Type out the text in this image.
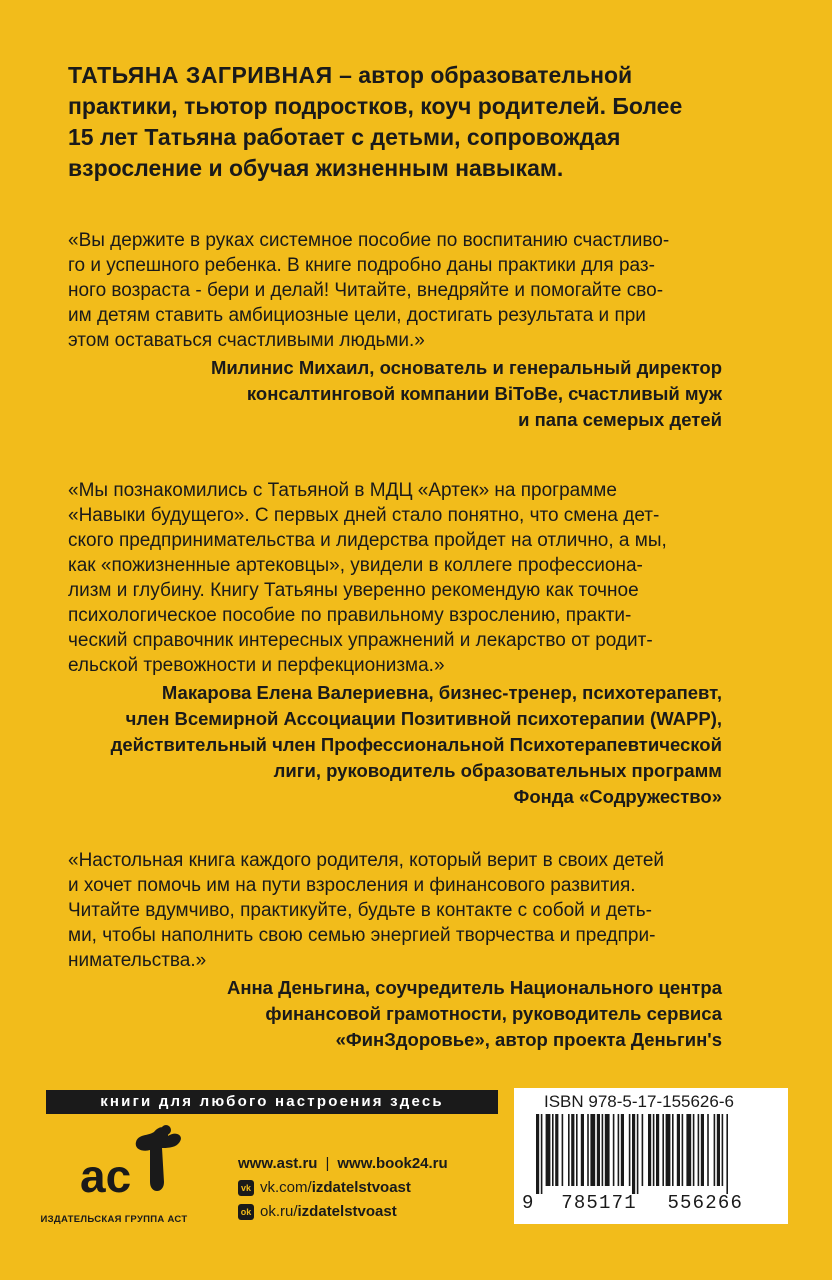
ТАТЬЯНА ЗАГРИВНАЯ – автор образовательной
практики, тьютор подростков, коуч родителей. Более
15 лет Татьяна работает с детьми, сопровождая
взросление и обучая жизненным навыкам.

«Вы держите в руках системное пособие по воспитанию счастливо-
го и успешного ребенка. В книге подробно даны практики для раз-
ного возраста - бери и делай! Читайте, внедряйте и помогайте сво-
им детям ставить амбициозные цели, достигать результата и при
этом оставаться счастливыми людьми.»

Милинис Михаил, основатель и генеральный директор
консалтинговой компании BiToBe, счастливый муж
и папа семерых детей

«Мы познакомились с Татьяной в МДЦ «Артек» на программе
«Навыки будущего». С первых дней стало понятно, что смена дет-
ского предпринимательства и лидерства пройдет на отлично, а мы,
как «пожизненные артековцы», увидели в коллеге профессиона-
лизм и глубину. Книгу Татьяны уверенно рекомендую как точное
психологическое пособие по правильному взрослению, практи-
ческий справочник интересных упражнений и лекарство от родит-
ельской тревожности и перфекционизма.»

Макарова Елена Валериевна, бизнес-тренер, психотерапевт,
член Всемирной Ассоциации Позитивной психотерапии (WAPP),
действительный член Профессиональной Психотерапевтической
лиги, руководитель образовательных программ
Фонда «Содружество»

«Настольная книга каждого родителя, который верит в своих детей
и хочет помочь им на пути взросления и финансового развития.
Читайте вдумчиво, практикуйте, будьте в контакте с собой и деть-
ми, чтобы наполнить свою семью энергией творчества и предпри-
нимательства.»

Анна Деньгина, соучредитель Национального центра
финансовой грамотности, руководитель сервиса
«ФинЗдоровье», автор проекта Деньгин's

книги для любого настроения здесь
ac
ИЗДАТЕЛЬСКАЯ ГРУППА АСТ
www.ast.ru | www.book24.ru
vk vk.com/ izdatelstvoast
ok ok.ru/ izdatelstvoast
ISBN 978-5-17-155626-6
9 785171 556266
